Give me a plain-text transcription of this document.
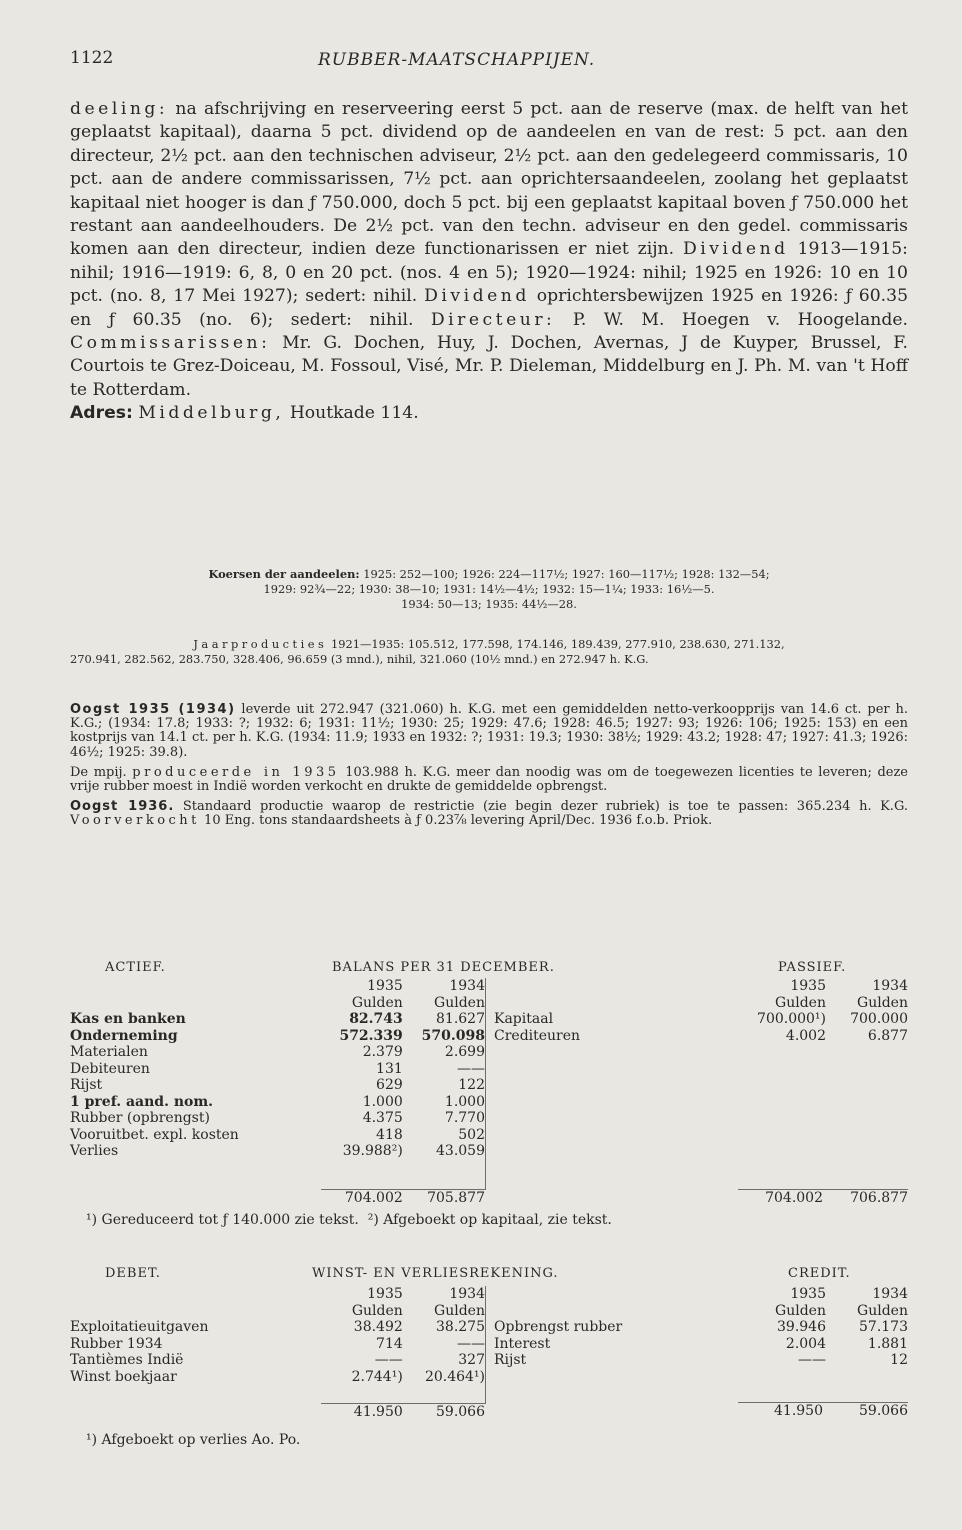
1122	RUBBER-MAATSCHAPPIJEN.

deeling: na afschrijving en reserveering eerst 5 pct. aan de reserve (max. de helft van het geplaatst kapitaal), daarna 5 pct. dividend op de aandeelen en van de rest: 5 pct. aan den directeur, 2½ pct. aan den technischen adviseur, 2½ pct. aan den gedelegeerd commissaris, 10 pct. aan de andere commissarissen, 7½ pct. aan oprichtersaandeelen, zoolang het geplaatst kapitaal niet hooger is dan ƒ 750.000, doch 5 pct. bij een geplaatst kapitaal boven ƒ 750.000 het restant aan aandeelhouders. De 2½ pct. van den techn. adviseur en den gedel. commissaris komen aan den directeur, indien deze functionarissen er niet zijn. Dividend 1913—1915: nihil; 1916—1919: 6, 8, 0 en 20 pct. (nos. 4 en 5); 1920—1924: nihil; 1925 en 1926: 10 en 10 pct. (no. 8, 17 Mei 1927); sedert: nihil. Dividend oprichtersbewijzen 1925 en 1926: ƒ 60.35 en ƒ 60.35 (no. 6); sedert: nihil. Directeur: P. W. M. Hoegen v. Hoogelande. Commissarissen: Mr. G. Dochen, Huy, J. Dochen, Avernas, J de Kuyper, Brussel, F. Courtois te Grez-Doiceau, M. Fossoul, Visé, Mr. P. Dieleman, Middelburg en J. Ph. M. van 't Hoff te Rotterdam.

Adres: Middelburg, Houtkade 114.

Koersen der aandeelen: 1925: 252—100; 1926: 224—117½; 1927: 160—117½; 1928: 132—54;
1929: 92¾—22; 1930: 38—10; 1931: 14½—4½; 1932: 15—1¼; 1933: 16½—5.
1934: 50—13; 1935: 44½—28.
Jaarproducties 1921—1935: 105.512, 177.598, 174.146, 189.439, 277.910, 238.630, 271.132,
270.941, 282.562, 283.750, 328.406, 96.659 (3 mnd.), nihil, 321.060 (10½ mnd.) en 272.947 h. K.G.

Oogst 1935 (1934) leverde uit 272.947 (321.060) h. K.G. met een gemiddelden netto-verkoopprijs van 14.6 ct. per h. K.G.; (1934: 17.8; 1933: ?; 1932: 6; 1931: 11½; 1930: 25; 1929: 47.6; 1928: 46.5; 1927: 93; 1926: 106; 1925: 153) en een kostprijs van 14.1 ct. per h. K.G. (1934: 11.9; 1933 en 1932: ?; 1931: 19.3; 1930: 38½; 1929: 43.2; 1928: 47; 1927: 41.3; 1926: 46½; 1925: 39.8).

De mpij. produceerde in 1935 103.988 h. K.G. meer dan noodig was om de toegewezen licenties te leveren; deze vrije rubber moest in Indië worden verkocht en drukte de gemiddelde opbrengst.

Oogst 1936. Standaard productie waarop de restrictie (zie begin dezer rubriek) is toe te passen: 365.234 h. K.G. Voorverkocht 10 Eng. tons standaardsheets à ƒ 0.23⅞ levering April/Dec. 1936 f.o.b. Priok.

ACTIEF.	BALANS PER 31 DECEMBER.	PASSIEF.
	1935	1934
	Gulden	Gulden
Kas en banken	82.743	81.627
Onderneming	572.339	570.098
Materialen	2.379	2.699
Debiteuren	131	——
Rijst	629	122
1 pref. aand. nom.	1.000	1.000
Rubber (opbrengst)	4.375	7.770
Vooruitbet. expl. kosten	418	502
Verlies	39.988²)	43.059

	704.002	705.877
	1935	1934
	Gulden	Gulden
Kapitaal	700.000¹)	700.000
Crediteuren	4.002	6.877
704.002	706.877
¹) Gereduceerd tot ƒ 140.000 zie tekst. ²) Afgeboekt op kapitaal, zie tekst.
DEBET.	WINST- EN VERLIESREKENING.	CREDIT.
	1935	1934
	Gulden	Gulden
Exploitatieuitgaven	38.492	38.275
Rubber 1934	714	——
Tantièmes Indië	——	327
Winst boekjaar	2.744¹)	20.464¹)

	41.950	59.066
	1935	1934
	Gulden	Gulden
Opbrengst rubber	39.946	57.173
Interest	2.004	1.881
Rijst	——	12
41.950	59.066
¹) Afgeboekt op verlies Ao. Po.
